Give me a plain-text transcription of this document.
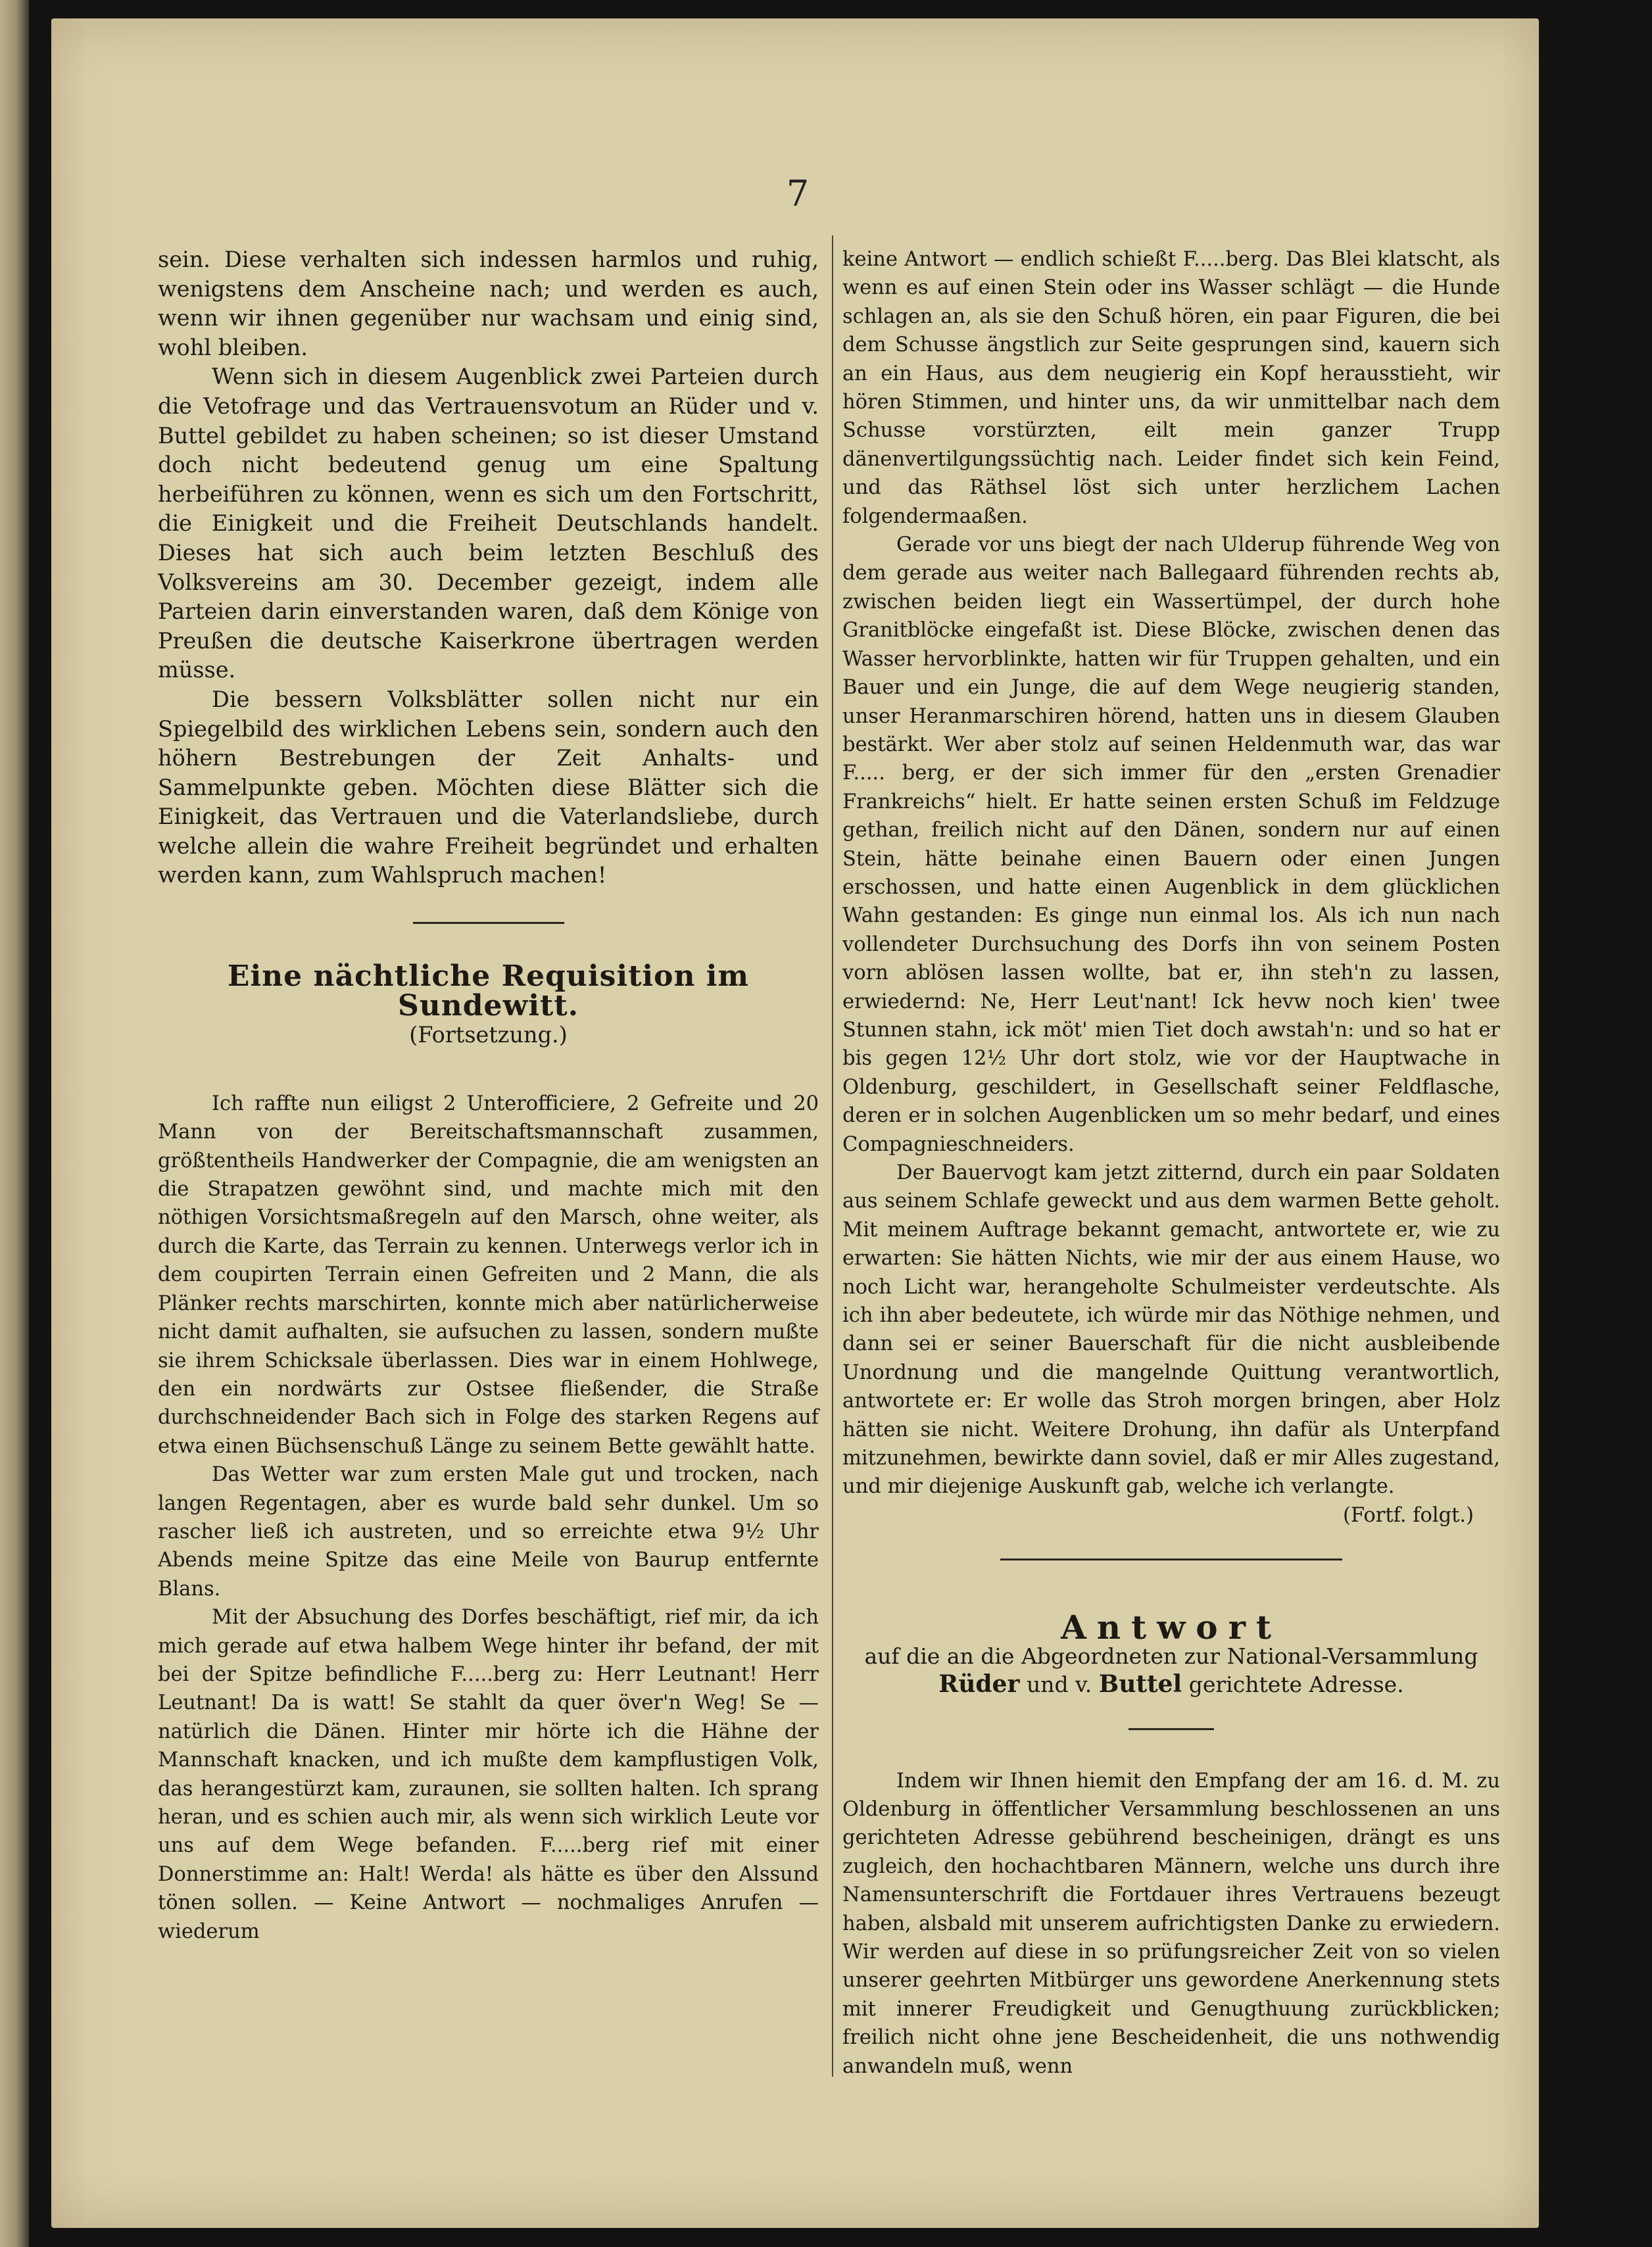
7

sein. Diese verhalten sich indessen harmlos und ruhig, wenigstens dem Anscheine nach; und werden es auch, wenn wir ihnen gegenüber nur wachsam und einig sind, wohl bleiben.

Wenn sich in diesem Augenblick zwei Parteien durch die Vetofrage und das Vertrauensvotum an Rüder und v. Buttel gebildet zu haben scheinen; so ist dieser Umstand doch nicht bedeutend genug um eine Spaltung herbeiführen zu können, wenn es sich um den Fortschritt, die Einigkeit und die Freiheit Deutschlands handelt. Dieses hat sich auch beim letzten Beschluß des Volksvereins am 30. December gezeigt, indem alle Parteien darin einverstanden waren, daß dem Könige von Preußen die deutsche Kaiserkrone übertragen werden müsse.

Die bessern Volksblätter sollen nicht nur ein Spiegelbild des wirklichen Lebens sein, sondern auch den höhern Bestrebungen der Zeit Anhalts- und Sammelpunkte geben. Möchten diese Blätter sich die Einigkeit, das Vertrauen und die Vaterlandsliebe, durch welche allein die wahre Freiheit begründet und erhalten werden kann, zum Wahlspruch machen!

Eine nächtliche Requisition im Sundewitt.
(Fortsetzung.)

Ich raffte nun eiligst 2 Unterofficiere, 2 Gefreite und 20 Mann von der Bereitschaftsmannschaft zusammen, größtentheils Handwerker der Compagnie, die am wenigsten an die Strapatzen gewöhnt sind, und machte mich mit den nöthigen Vorsichtsmaßregeln auf den Marsch, ohne weiter, als durch die Karte, das Terrain zu kennen. Unterwegs verlor ich in dem coupirten Terrain einen Gefreiten und 2 Mann, die als Plänker rechts marschirten, konnte mich aber natürlicherweise nicht damit aufhalten, sie aufsuchen zu lassen, sondern mußte sie ihrem Schicksale überlassen. Dies war in einem Hohlwege, den ein nordwärts zur Ostsee fließender, die Straße durchschneidender Bach sich in Folge des starken Regens auf etwa einen Büchsenschuß Länge zu seinem Bette gewählt hatte.

Das Wetter war zum ersten Male gut und trocken, nach langen Regentagen, aber es wurde bald sehr dunkel. Um so rascher ließ ich austreten, und so erreichte etwa 9½ Uhr Abends meine Spitze das eine Meile von Baurup entfernte Blans.

Mit der Absuchung des Dorfes beschäftigt, rief mir, da ich mich gerade auf etwa halbem Wege hinter ihr befand, der mit bei der Spitze befindliche F.....berg zu: Herr Leutnant! Herr Leutnant! Da is watt! Se stahlt da quer över'n Weg! Se — natürlich die Dänen. Hinter mir hörte ich die Hähne der Mannschaft knacken, und ich mußte dem kampflustigen Volk, das herangestürzt kam, zuraunen, sie sollten halten. Ich sprang heran, und es schien auch mir, als wenn sich wirklich Leute vor uns auf dem Wege befanden. F.....berg rief mit einer Donnerstimme an: Halt! Werda! als hätte es über den Alssund tönen sollen. — Keine Antwort — nochmaliges Anrufen — wiederum

keine Antwort — endlich schießt F.....berg. Das Blei klatscht, als wenn es auf einen Stein oder ins Wasser schlägt — die Hunde schlagen an, als sie den Schuß hören, ein paar Figuren, die bei dem Schusse ängstlich zur Seite gesprungen sind, kauern sich an ein Haus, aus dem neugierig ein Kopf herausstieht, wir hören Stimmen, und hinter uns, da wir unmittelbar nach dem Schusse vorstürzten, eilt mein ganzer Trupp dänenvertilgungssüchtig nach. Leider findet sich kein Feind, und das Räthsel löst sich unter herzlichem Lachen folgendermaaßen.

Gerade vor uns biegt der nach Ulderup führende Weg von dem gerade aus weiter nach Ballegaard führenden rechts ab, zwischen beiden liegt ein Wassertümpel, der durch hohe Granitblöcke eingefaßt ist. Diese Blöcke, zwischen denen das Wasser hervorblinkte, hatten wir für Truppen gehalten, und ein Bauer und ein Junge, die auf dem Wege neugierig standen, unser Heranmarschiren hörend, hatten uns in diesem Glauben bestärkt. Wer aber stolz auf seinen Heldenmuth war, das war F..... berg, er der sich immer für den „ersten Grenadier Frankreichs“ hielt. Er hatte seinen ersten Schuß im Feldzuge gethan, freilich nicht auf den Dänen, sondern nur auf einen Stein, hätte beinahe einen Bauern oder einen Jungen erschossen, und hatte einen Augenblick in dem glücklichen Wahn gestanden: Es ginge nun einmal los. Als ich nun nach vollendeter Durchsuchung des Dorfs ihn von seinem Posten vorn ablösen lassen wollte, bat er, ihn steh'n zu lassen, erwiedernd: Ne, Herr Leut'nant! Ick hevw noch kien' twee Stunnen stahn, ick möt' mien Tiet doch awstah'n: und so hat er bis gegen 12½ Uhr dort stolz, wie vor der Hauptwache in Oldenburg, geschildert, in Gesellschaft seiner Feldflasche, deren er in solchen Augenblicken um so mehr bedarf, und eines Compagnieschneiders.

Der Bauervogt kam jetzt zitternd, durch ein paar Soldaten aus seinem Schlafe geweckt und aus dem warmen Bette geholt. Mit meinem Auftrage bekannt gemacht, antwortete er, wie zu erwarten: Sie hätten Nichts, wie mir der aus einem Hause, wo noch Licht war, herangeholte Schulmeister verdeutschte. Als ich ihn aber bedeutete, ich würde mir das Nöthige nehmen, und dann sei er seiner Bauerschaft für die nicht ausbleibende Unordnung und die mangelnde Quittung verantwortlich, antwortete er: Er wolle das Stroh morgen bringen, aber Holz hätten sie nicht. Weitere Drohung, ihn dafür als Unterpfand mitzunehmen, bewirkte dann soviel, daß er mir Alles zugestand, und mir diejenige Auskunft gab, welche ich verlangte.

(Fortf. folgt.)
Antwort
auf die an die Abgeordneten zur National-Versammlung
Rüder und v. Buttel gerichtete Adresse.

Indem wir Ihnen hiemit den Empfang der am 16. d. M. zu Oldenburg in öffentlicher Versammlung beschlossenen an uns gerichteten Adresse gebührend bescheinigen, drängt es uns zugleich, den hochachtbaren Männern, welche uns durch ihre Namensunterschrift die Fortdauer ihres Vertrauens bezeugt haben, alsbald mit unserem aufrichtigsten Danke zu erwiedern. Wir werden auf diese in so prüfungsreicher Zeit von so vielen unserer geehrten Mitbürger uns gewordene Anerkennung stets mit innerer Freudigkeit und Genugthuung zurückblicken; freilich nicht ohne jene Bescheidenheit, die uns nothwendig anwandeln muß, wenn
